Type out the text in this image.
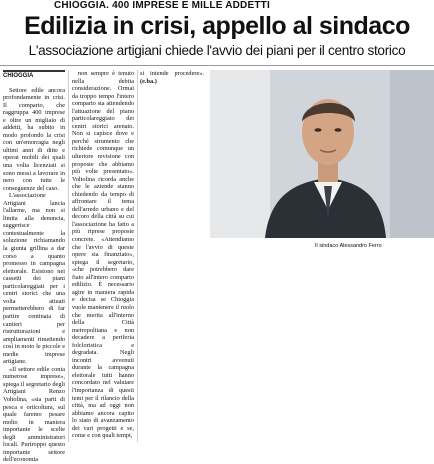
CHIOGGIA. 400 IMPRESE E MILLE ADDETTI
Edilizia in crisi, appello al sindaco
L'associazione artigiani chiede l'avvio dei piani per il centro storico
CHIOGGIA

Settore edile ancora profondamente in crisi. Il comparto, che raggruppa 400 imprese e oltre un migliaio di addetti, ha subito in modo profondo la crisi con un'emorragia negli ultimi anni di ditte e operai mobili dei quali una volta licenziati si sono messi a lavorare in nero con tutte le conseguenze del caso.

L'associazione Artigiani lancia l'allarme, ma non si limita alla denuncia, suggerisce contestualmente la soluzione richiamando la giunta grillina a dar corso a quanto promesso in campagna elettorale. Esistono nei cassetti dei piani particolareggiati per i centri storici che una volta attuati permetterebbero di far partire centinaia di cantieri per ristrutturazioni e ampliamenti rimettendo così in moto le piccole e medie imprese artigiane.

«Il settore edile conta numerose imprese», spiega il segretario degli Artigiani Renzo Voltolina, «sia parti di pesca e orticoltura, sul quale faremo pesare molto in maniera importante le scelte degli amministratori locali. Purtroppo questo importante settore dell'economia

non sempre è tenuto nella debita considerazione. Ormai da troppo tempo l'intero comparto sta attendendo l'attuazione del piano particolareggiato dei centri storici arenato. Non si capisce dove e perché strumento che richiede comunque un ulteriore revisione con proposte che abbiamo più volte presentato». Voltolina ricorda anche che le aziende stanno chiedendo da tempo di affrontare il tema dell'arredo urbano e del decoro della città su cui l'associazione ha fatto a più riprese proposte concrete. «Attendiamo che l'avvio di queste opere sia finanziato», spiega il segretario, «che potrebbero dare fiato all'intero comparto edilizio. È necessario agire in maniera rapida e decisa se Chioggia vuole mantenere il ruolo che merita all'interno della Città metropolitana e non decadere a periferia folcloristica e degradata. Negli incontri avvenuti durante la campagna elettorale tutti hanno concordato nel valutare l'importanza di questi temi per il rilancio della città, ma ad oggi non abbiamo ancora capito lo stato di avanzamento dei vari progetti e se, come e con quali tempi,

si intende procedere». (e.ba.)

Il sindaco Alessandro Ferro
